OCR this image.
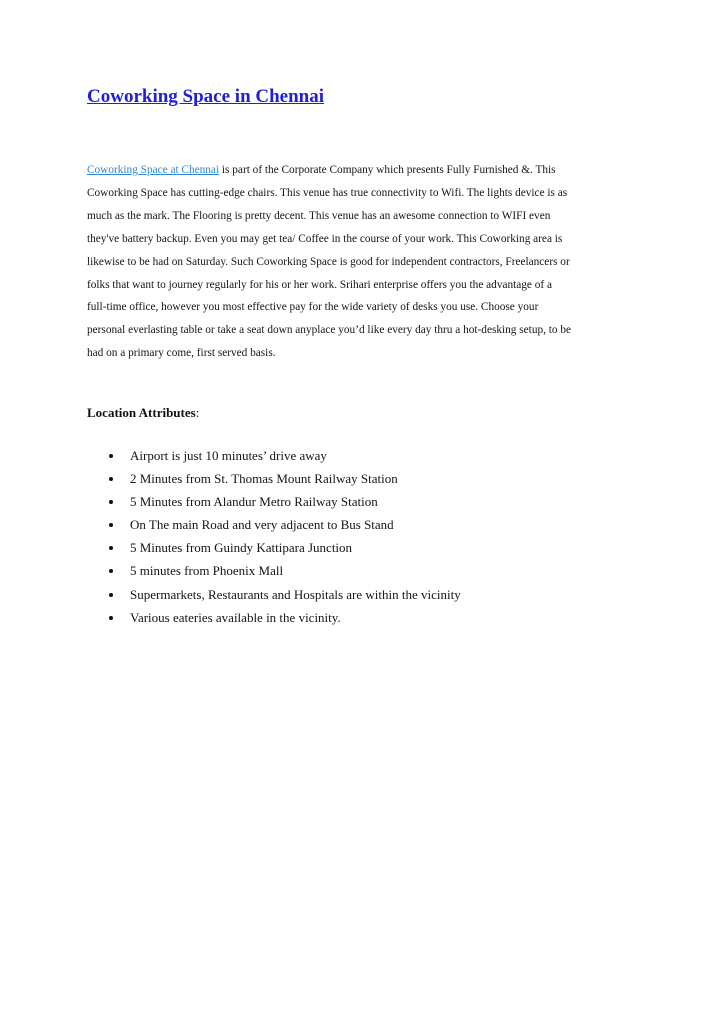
Coworking Space in Chennai
Coworking Space at Chennai is part of the Corporate Company which presents Fully Furnished &. This
Coworking Space has cutting-edge chairs. This venue has true connectivity to Wifi. The lights device is as
much as the mark. The Flooring is pretty decent. This venue has an awesome connection to WIFI even
they've battery backup. Even you may get tea/ Coffee in the course of your work. This Coworking area is
likewise to be had on Saturday. Such Coworking Space is good for independent contractors, Freelancers or
folks that want to journey regularly for his or her work. Srihari enterprise offers you the advantage of a
full-time office, however you most effective pay for the wide variety of desks you use. Choose your
personal everlasting table or take a seat down anyplace you’d like every day thru a hot-desking setup, to be
had on a primary come, first served basis.
Location Attributes:
Airport is just 10 minutes’ drive away
2 Minutes from St. Thomas Mount Railway Station
5 Minutes from Alandur Metro Railway Station
On The main Road and very adjacent to Bus Stand
5 Minutes from Guindy Kattipara Junction
5 minutes from Phoenix Mall
Supermarkets, Restaurants and Hospitals are within the vicinity
Various eateries available in the vicinity.
